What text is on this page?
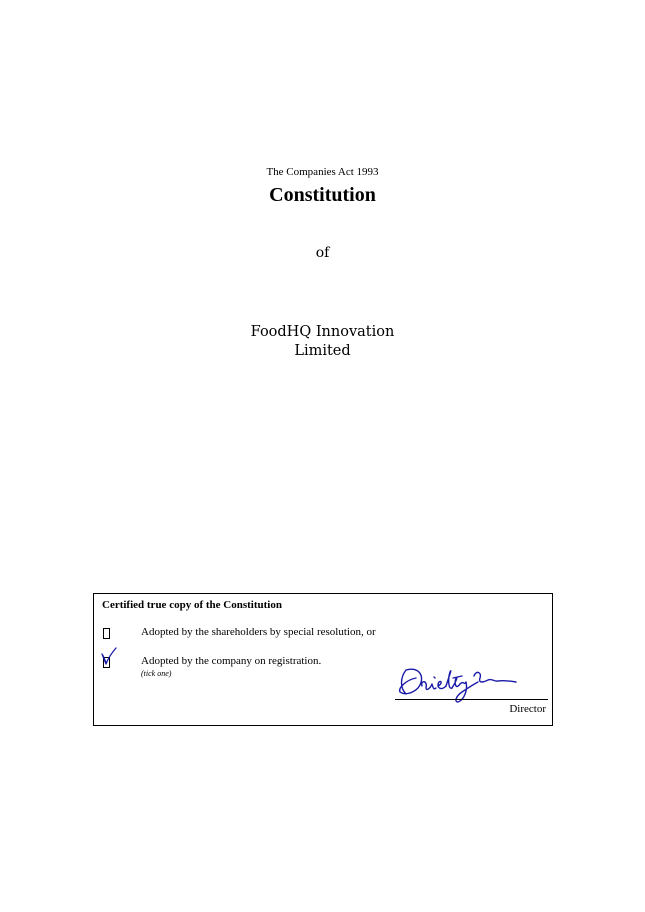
The Companies Act 1993
Constitution
of
FoodHQ Innovation
Limited
Certified true copy of the Constitution
Adopted by the shareholders by special resolution, or
Adopted by the company on registration.
(tick one)
Director
